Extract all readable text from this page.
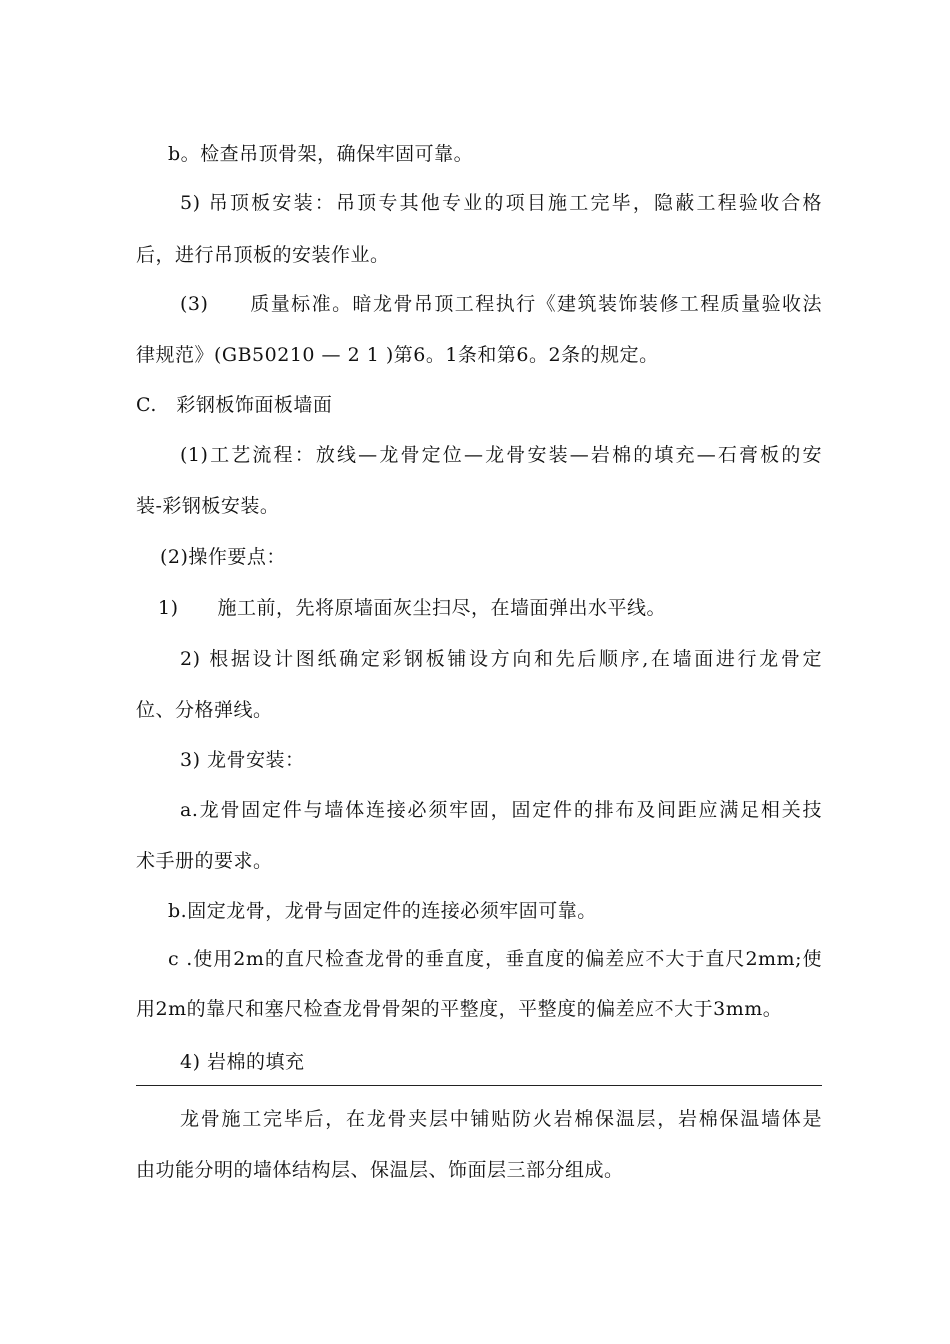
b。检查吊顶骨架，确保牢固可靠。
5) 吊顶板安装：吊顶专其他专业的项目施工完毕，隐蔽工程验收合格
后，进行吊顶板的安装作业。
(3)　　质量标准。暗龙骨吊顶工程执行《建筑装饰装修工程质量验收法
律规范》(GB50210 — 2 1 )第6。1条和第6。2条的规定。
C.　彩钢板饰面板墙面
(1)工艺流程：放线—龙骨定位—龙骨安装—岩棉的填充—石膏板的安
装-彩钢板安装。
(2)操作要点：
1)　　施工前，先将原墙面灰尘扫尽，在墙面弹出水平线。
2) 根据设计图纸确定彩钢板铺设方向和先后顺序,在墙面进行龙骨定
位、分格弹线。
3) 龙骨安装：
a.龙骨固定件与墙体连接必须牢固，固定件的排布及间距应满足相关技
术手册的要求。
b.固定龙骨，龙骨与固定件的连接必须牢固可靠。
c .使用2m的直尺检查龙骨的垂直度，垂直度的偏差应不大于直尺2mm;使
用2m的靠尺和塞尺检查龙骨骨架的平整度，平整度的偏差应不大于3mm。
4) 岩棉的填充
龙骨施工完毕后，在龙骨夹层中铺贴防火岩棉保温层，岩棉保温墙体是
由功能分明的墙体结构层、保温层、饰面层三部分组成。
